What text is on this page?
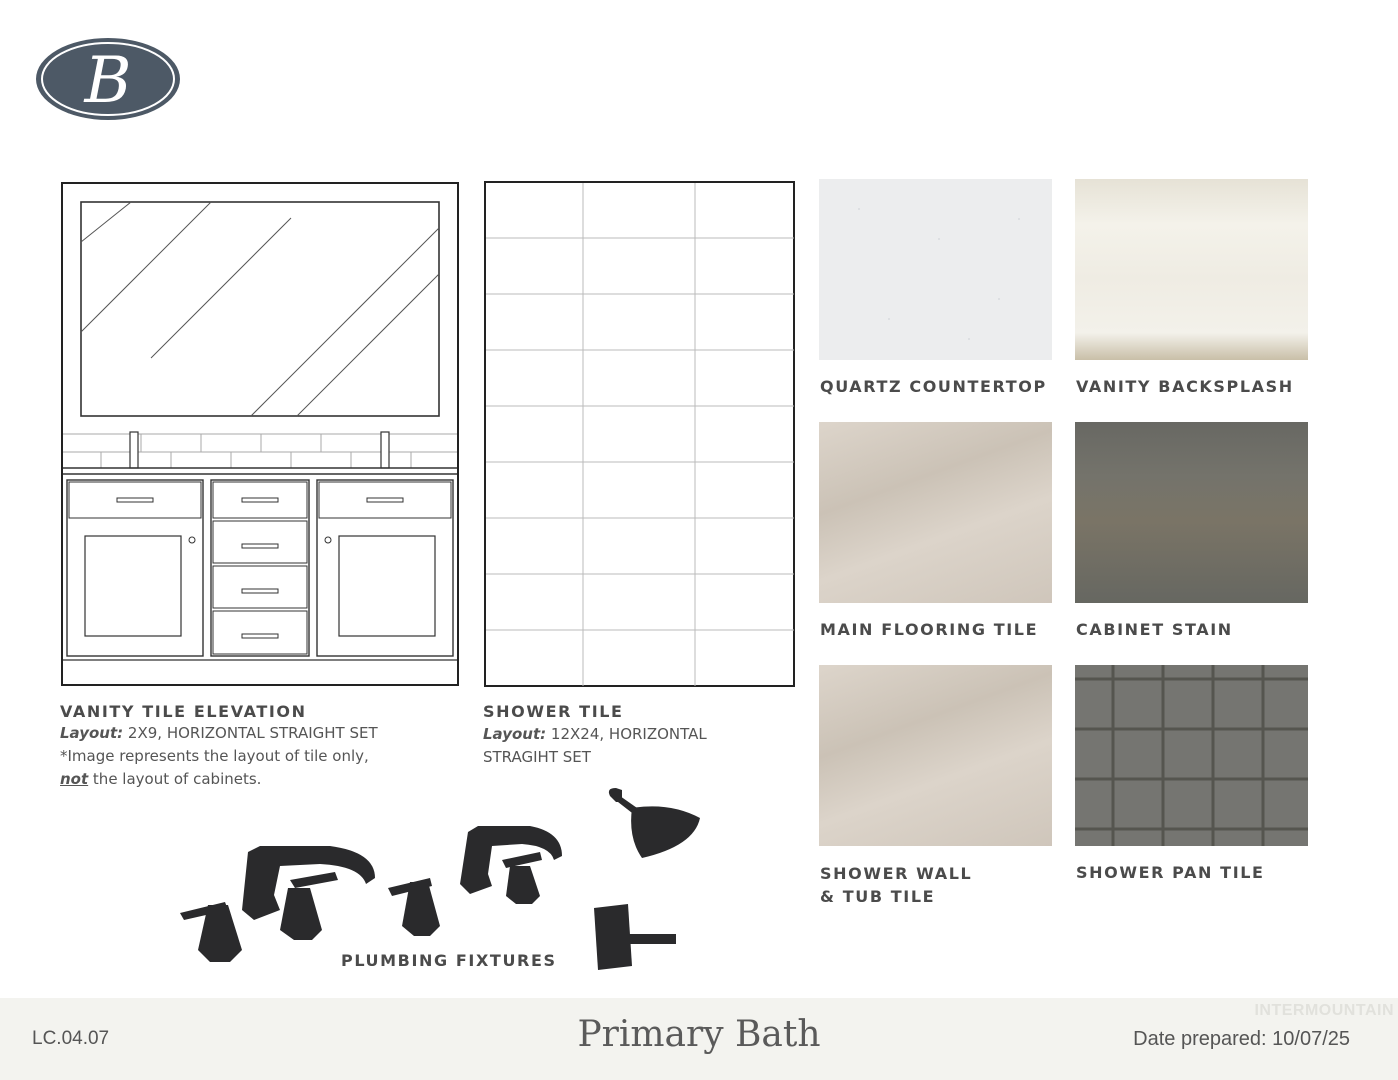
B
VANITY TILE ELEVATION
Layout: 2X9, HORIZONTAL STRAIGHT SET
*Image represents the layout of tile only,
not the layout of cabinets.
SHOWER TILE
Layout: 12X24, HORIZONTAL
STRAGIHT SET
PLUMBING FIXTURES
QUARTZ COUNTERTOP VANITY BACKSPLASH
MAIN FLOORING TILE CABINET STAIN
SHOWER WALL
& TUB TILE
SHOWER PAN TILE
INTERMOUNTAIN
LC.04.07	Primary Bath	Date prepared: 10/07/25
